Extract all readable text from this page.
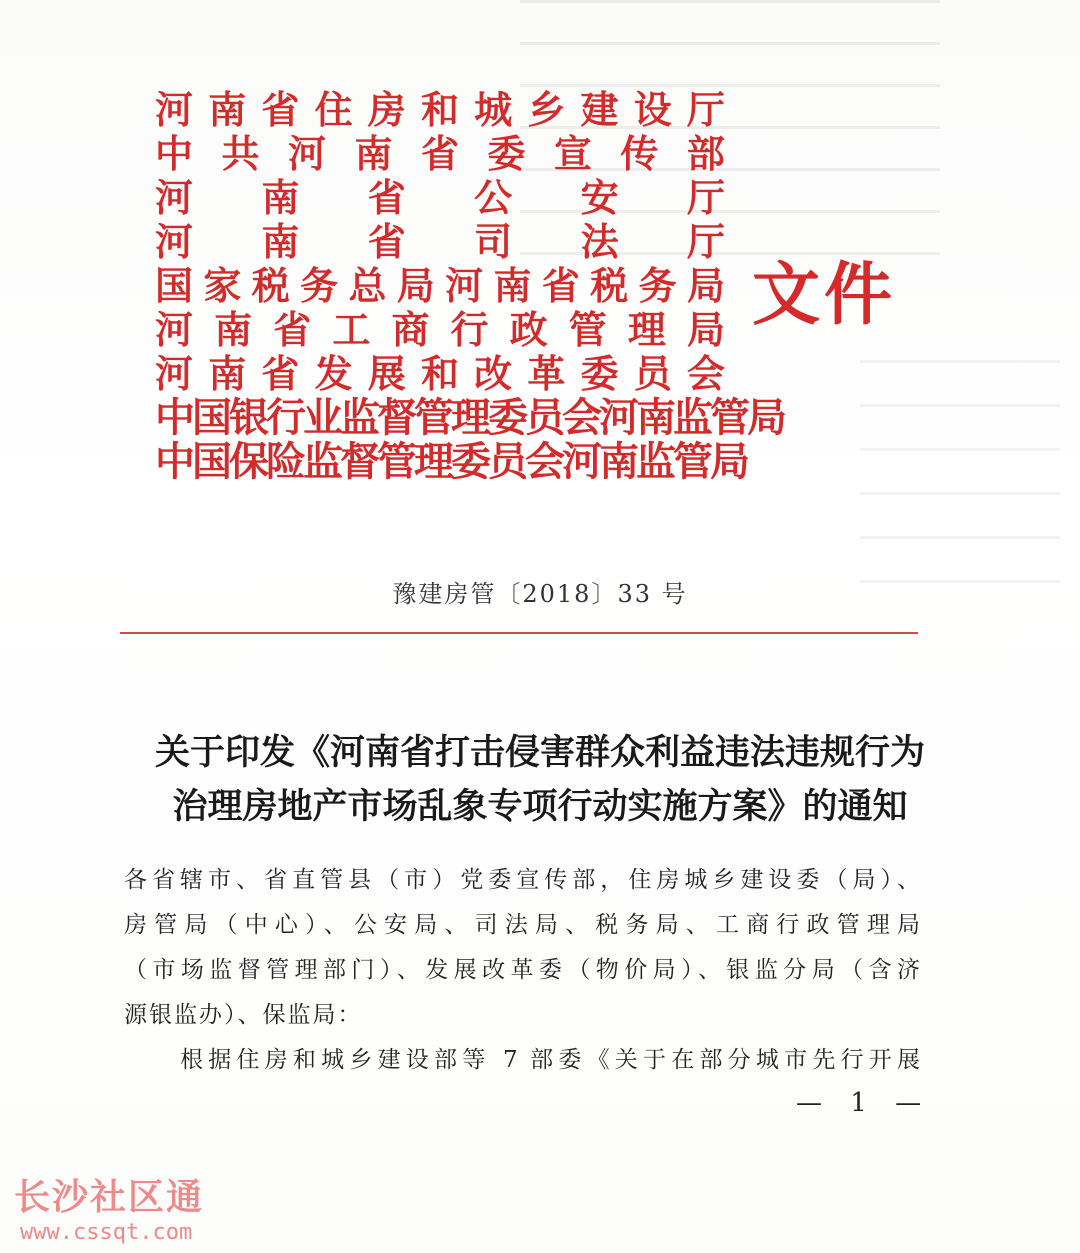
河 南 省 住 房 和 城 乡 建 设 厅
中 共 河 南 省 委 宣 传 部
河 南 省 公 安 厅
河 南 省 司 法 厅
国 家 税 务 总 局 河 南 省 税 务 局
河 南 省 工 商 行 政 管 理 局
河 南 省 发 展 和 改 革 委 员 会
中国银行业监督管理委员会河南监管局
中国保险监督管理委员会河南监管局
文件
豫建房管〔2018〕33 号
关于印发《河南省打击侵害群众利益违法违规行为
治理房地产市场乱象专项行动实施方案》的通知
各省辖市、省直管县（市）党委宣传部，住房城乡建设委（局）、
房管局（中心）、公安局、司法局、税务局、工商行政管理局
（市场监督管理部门）、发展改革委（物价局）、银监分局（含济
源银监办）、保监局：
根据住房和城乡建设部等 7 部委《关于在部分城市先行开展
— 1 —
长沙社区通
www.cssqt.com
